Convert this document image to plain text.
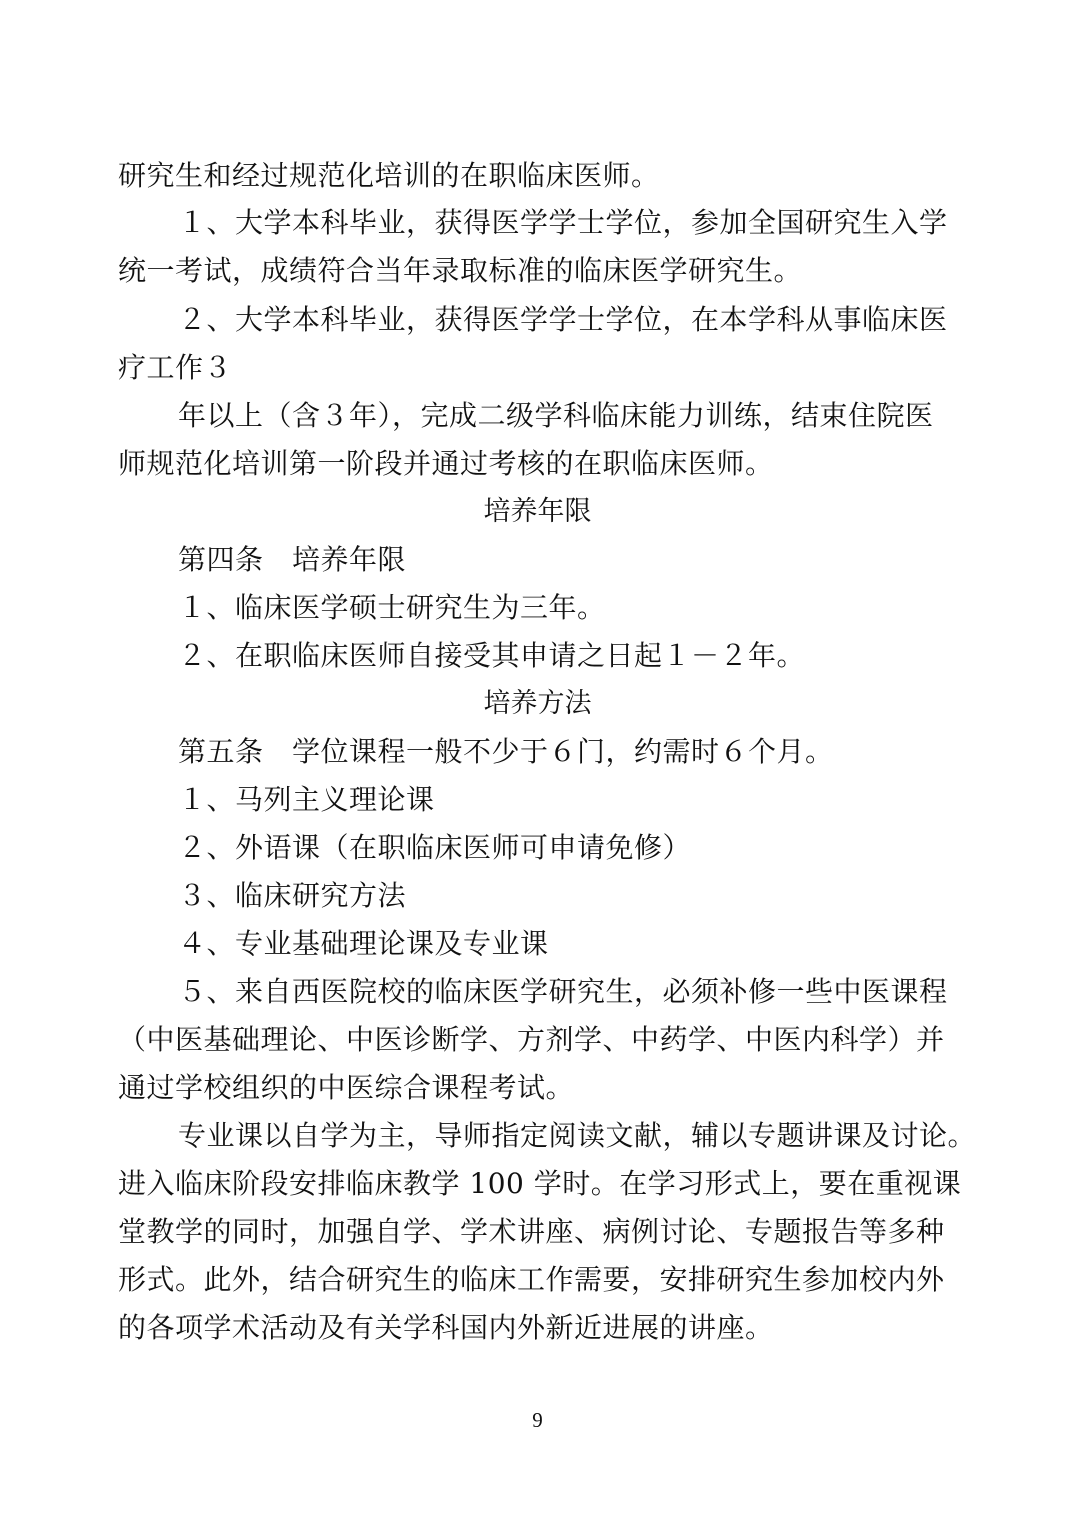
研究生和经过规范化培训的在职临床医师。
１、大学本科毕业，获得医学学士学位，参加全国研究生入学
统一考试，成绩符合当年录取标准的临床医学研究生。
２、大学本科毕业，获得医学学士学位，在本学科从事临床医
疗工作３
年以上（含３年），完成二级学科临床能力训练，结束住院医
师规范化培训第一阶段并通过考核的在职临床医师。
培养年限
第四条　培养年限
１、临床医学硕士研究生为三年。
２、在职临床医师自接受其申请之日起１－２年。
培养方法
第五条　学位课程一般不少于６门，约需时６个月。
１、马列主义理论课
２、外语课（在职临床医师可申请免修）
３、临床研究方法
４、专业基础理论课及专业课
５、来自西医院校的临床医学研究生，必须补修一些中医课程
（中医基础理论、中医诊断学、方剂学、中药学、中医内科学）并
通过学校组织的中医综合课程考试。
专业课以自学为主，导师指定阅读文献，辅以专题讲课及讨论。
进入临床阶段安排临床教学 100 学时。在学习形式上，要在重视课
堂教学的同时，加强自学、学术讲座、病例讨论、专题报告等多种
形式。此外，结合研究生的临床工作需要，安排研究生参加校内外
的各项学术活动及有关学科国内外新近进展的讲座。
9
